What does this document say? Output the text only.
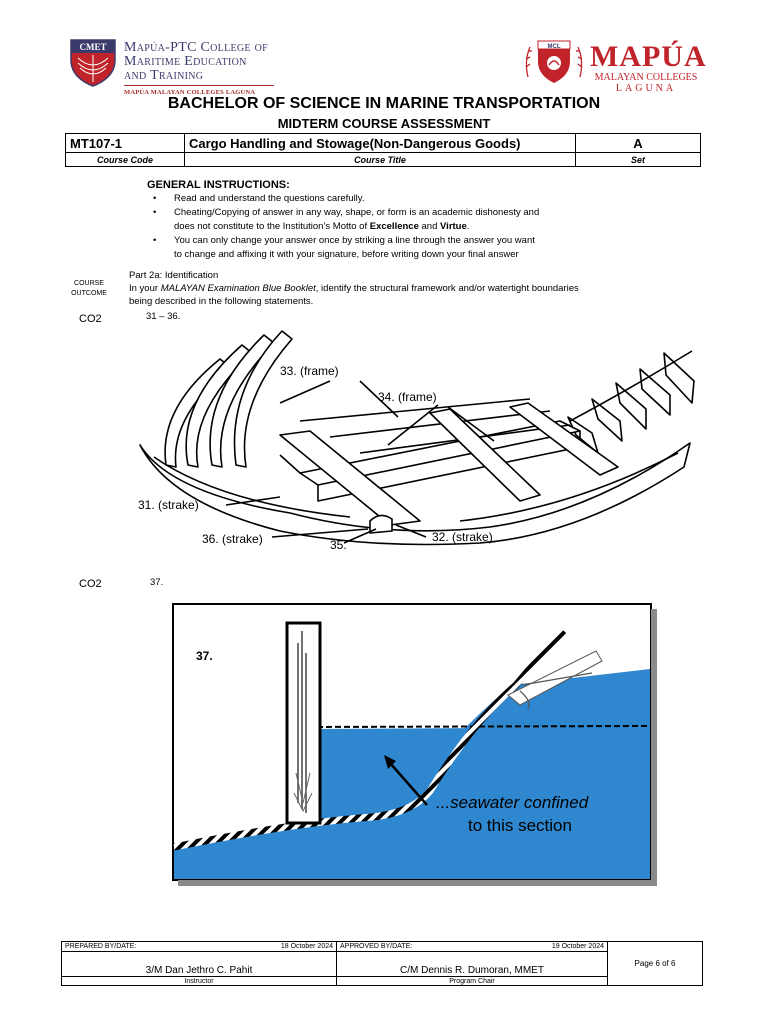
CMET Mapúa-PTC College of
Maritime Education
and Training
MAPÚA MALAYAN COLLEGES LAGUNA
MCL MAPÚA
MALAYAN COLLEGES
LAGUNA
BACHELOR OF SCIENCE IN MARINE TRANSPORTATION
MIDTERM COURSE ASSESSMENT
MT107-1	Cargo Handling and Stowage(Non-Dangerous Goods)	A
Course Code	Course Title	Set
GENERAL INSTRUCTIONS:
• Read and understand the questions carefully.
• Cheating/Copying of answer in any way, shape, or form is an academic dishonesty and
does not constitute to the Institution’s Motto of Excellence and Virtue.
• You can only change your answer once by striking a line through the answer you want
to change and affixing it with your signature, before writing down your final answer
COURSE
OUTCOME
Part 2a: Identification
In your MALAYAN Examination Blue Booklet, identify the structural framework and/or watertight boundaries
being described in the following statements.
CO2	31 – 36.
33. (frame)
34. (frame)
31. (strake)
36. (strake)	35.
32. (strake)
CO2	37.
37.
...seawater confined
to this section
PREPARED BY/DATE: 18 October 2024	APPROVED BY/DATE: 19 October 2024	Page 6 of 6
3/M Dan Jethro C. Pahit	C/M Dennis R. Dumoran, MMET	
Instructor	Program Chair	
